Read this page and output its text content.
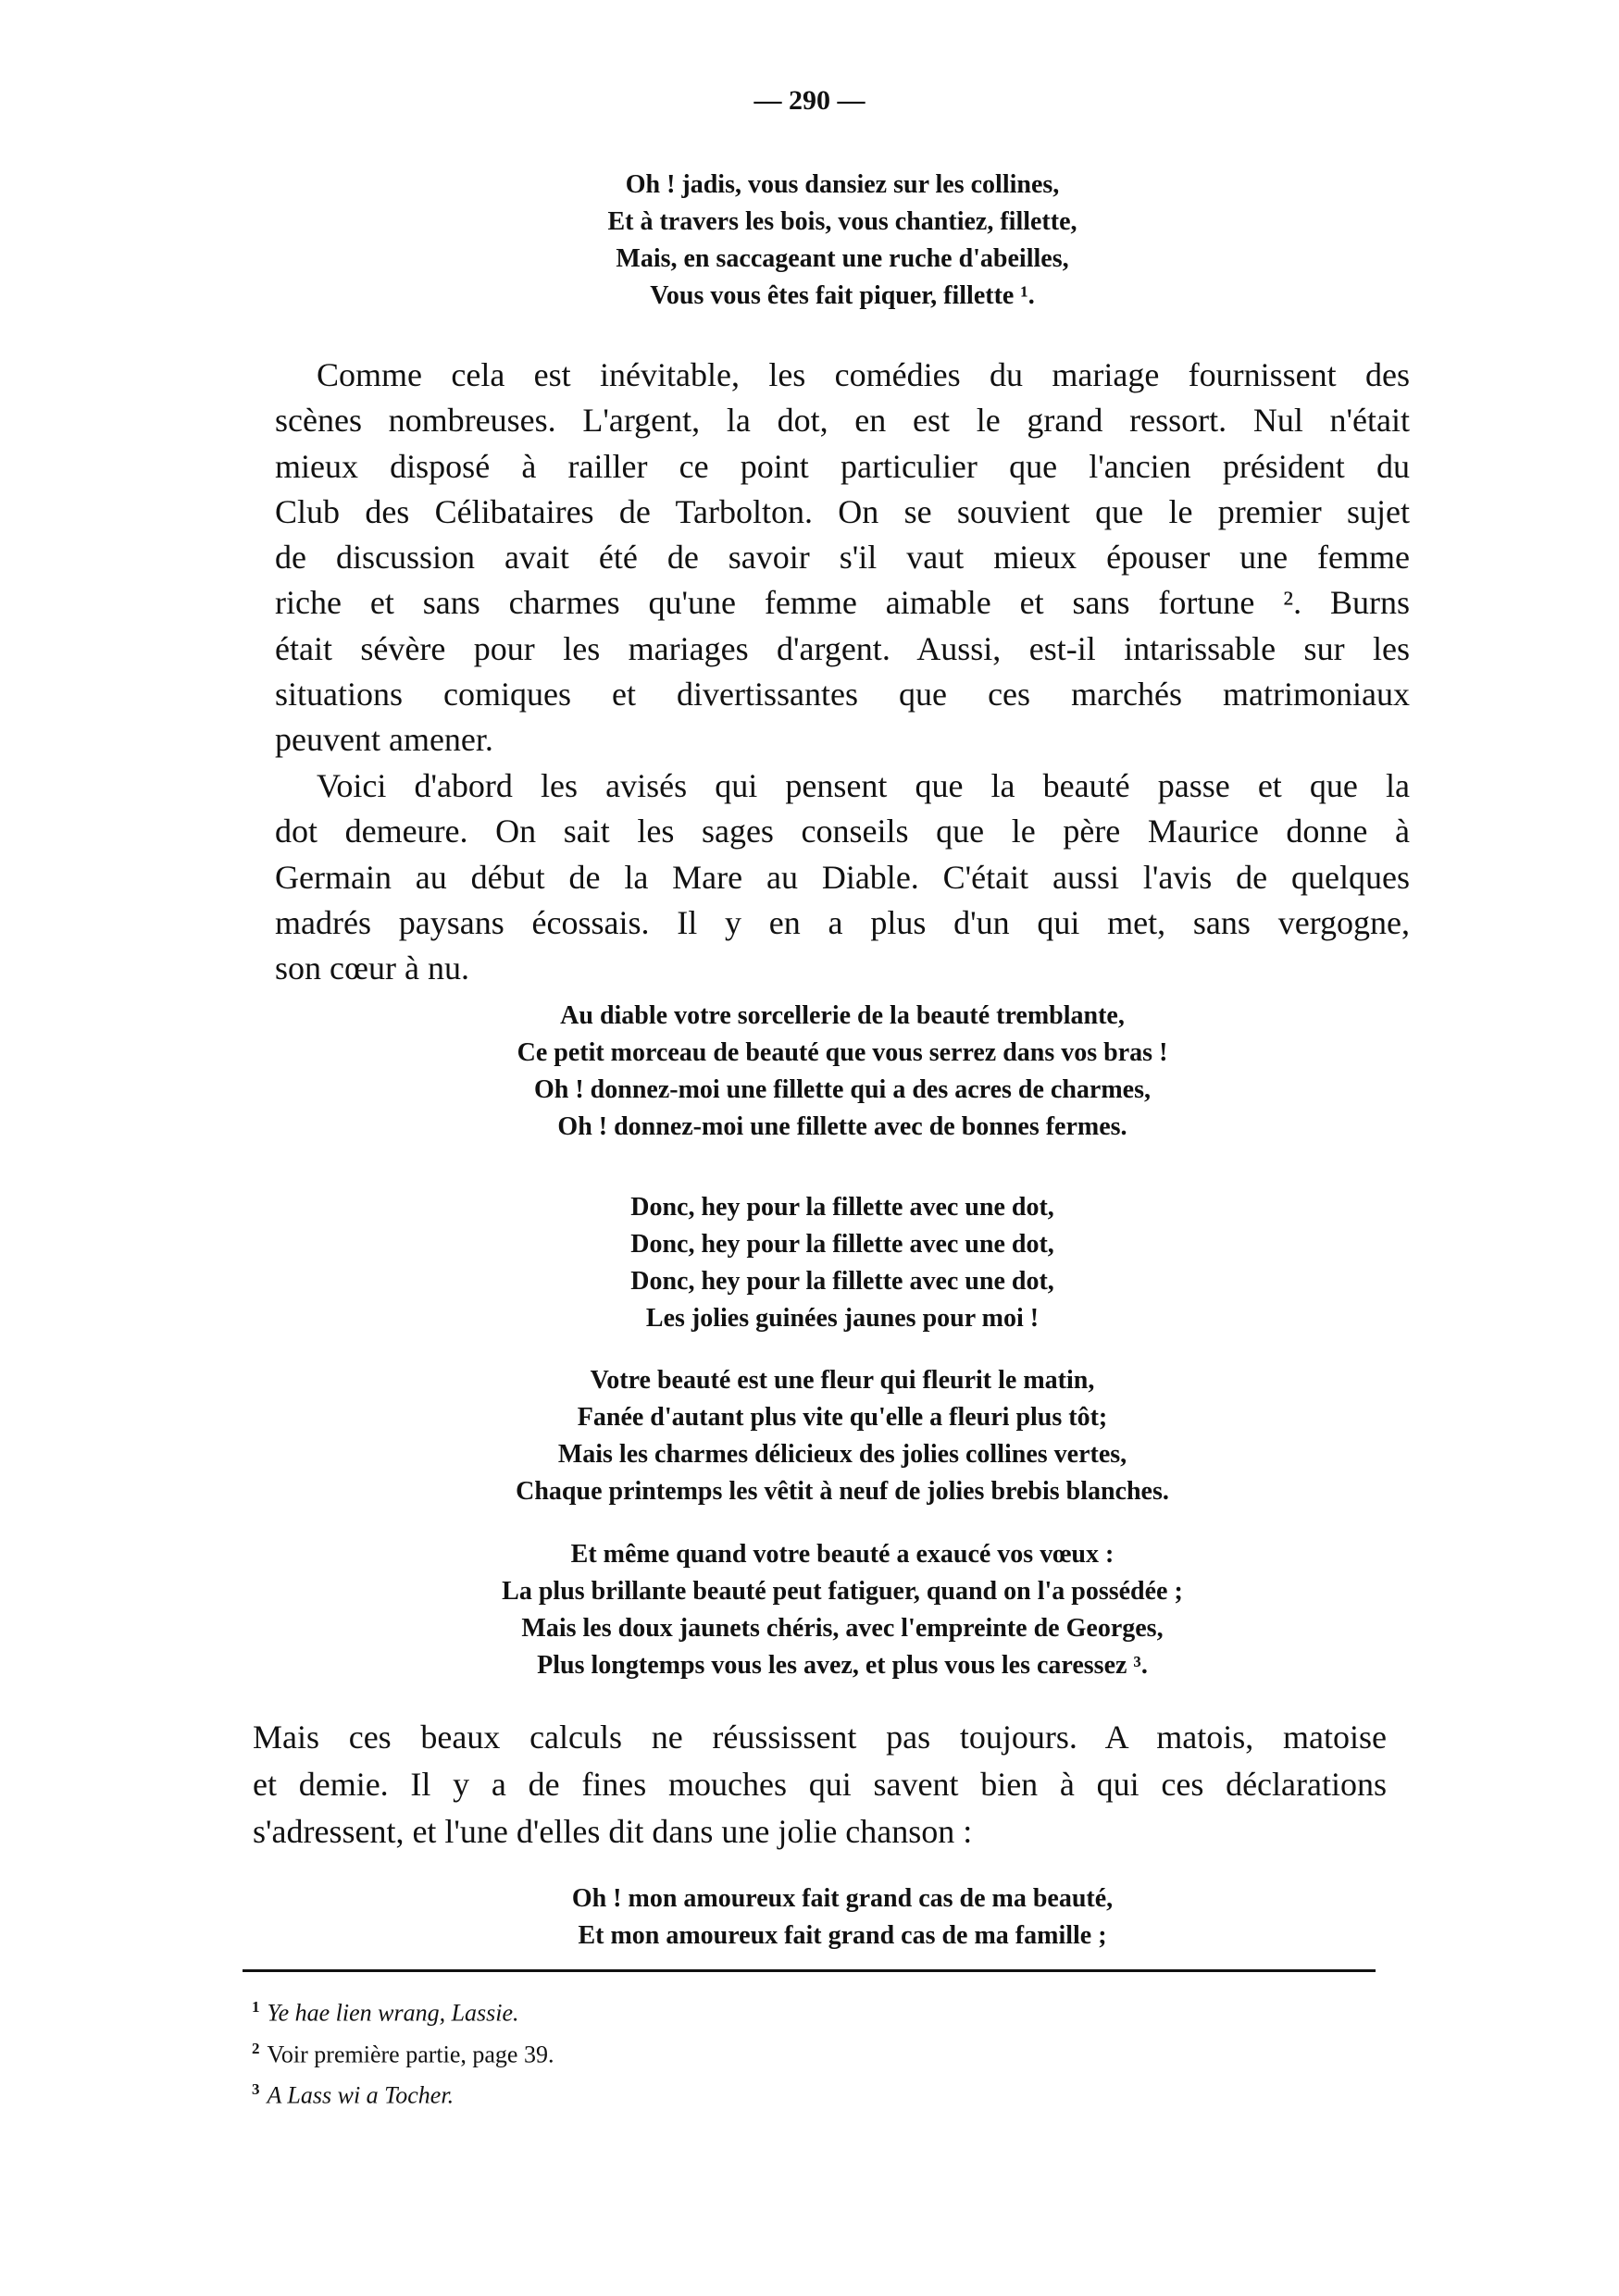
— 290 —
Oh ! jadis, vous dansiez sur les collines,
Et à travers les bois, vous chantiez, fillette,
Mais, en saccageant une ruche d'abeilles,
Vous vous êtes fait piquer, fillette ¹.
Au diable votre sorcellerie de la beauté tremblante,
Ce petit morceau de beauté que vous serrez dans vos bras !
Oh ! donnez-moi une fillette qui a des acres de charmes,
Oh ! donnez-moi une fillette avec de bonnes fermes.
Donc, hey pour la fillette avec une dot,
Donc, hey pour la fillette avec une dot,
Donc, hey pour la fillette avec une dot,
Les jolies guinées jaunes pour moi !
Votre beauté est une fleur qui fleurit le matin,
Fanée d'autant plus vite qu'elle a fleuri plus tôt;
Mais les charmes délicieux des jolies collines vertes,
Chaque printemps les vêtit à neuf de jolies brebis blanches.
Et même quand votre beauté a exaucé vos vœux :
La plus brillante beauté peut fatiguer, quand on l'a possédée ;
Mais les doux jaunets chéris, avec l'empreinte de Georges,
Plus longtemps vous les avez, et plus vous les caressez ³.
Oh ! mon amoureux fait grand cas de ma beauté,
Et mon amoureux fait grand cas de ma famille ;
Comme cela est inévitable, les comédies du mariage fournissent des
scènes nombreuses. L'argent, la dot, en est le grand ressort. Nul n'était
mieux disposé à railler ce point particulier que l'ancien président du
Club des Célibataires de Tarbolton. On se souvient que le premier sujet
de discussion avait été de savoir s'il vaut mieux épouser une femme
riche et sans charmes qu'une femme aimable et sans fortune ². Burns
était sévère pour les mariages d'argent. Aussi, est-il intarissable sur les
situations comiques et divertissantes que ces marchés matrimoniaux
peuvent amener.
Voici d'abord les avisés qui pensent que la beauté passe et que la
dot demeure. On sait les sages conseils que le père Maurice donne à
Germain au début de la Mare au Diable. C'était aussi l'avis de quelques
madrés paysans écossais. Il y en a plus d'un qui met, sans vergogne,
son cœur à nu.
Mais ces beaux calculs ne réussissent pas toujours. A matois, matoise
et demie. Il y a de fines mouches qui savent bien à qui ces déclarations
s'adressent, et l'une d'elles dit dans une jolie chanson :
$^1$ Ye hae lien wrang, Lassie.
$^2$ Voir première partie, page 39.
$^3$ A Lass wi a Tocher.
